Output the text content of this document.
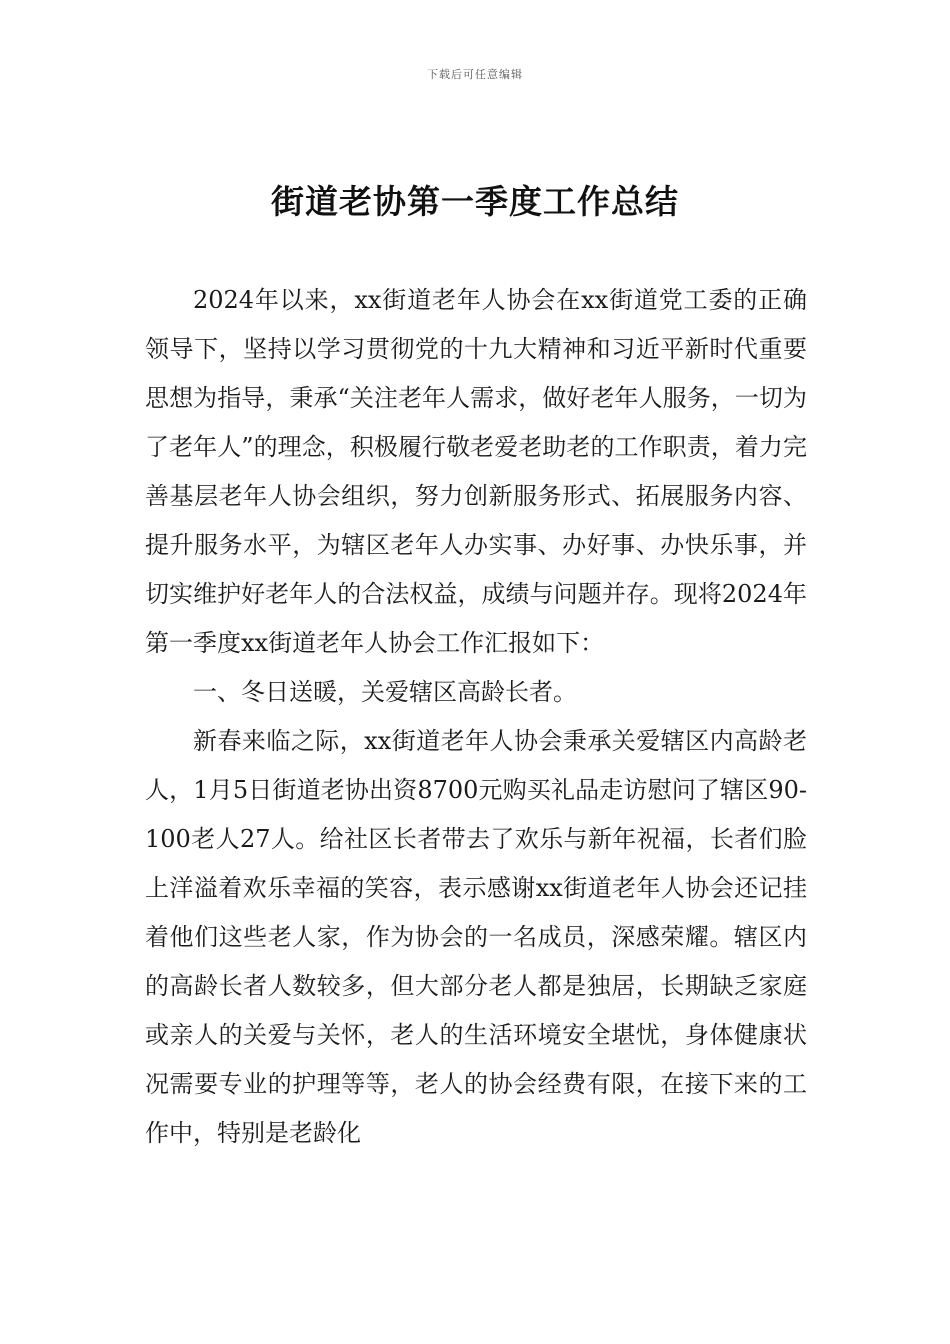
下载后可任意编辑
街道老协第一季度工作总结

2024年以来，xx街道老年人协会在xx街道党工委的正确领导下，坚持以学习贯彻党的十九大精神和习近平新时代重要思想为指导，秉承“关注老年人需求，做好老年人服务，一切为了老年人”的理念，积极履行敬老爱老助老的工作职责，着力完善基层老年人协会组织，努力创新服务形式、拓展服务内容、提升服务水平，为辖区老年人办实事、办好事、办快乐事，并切实维护好老年人的合法权益，成绩与问题并存。现将2024年第一季度xx街道老年人协会工作汇报如下：

一、冬日送暖，关爱辖区高龄长者。

新春来临之际，xx街道老年人协会秉承关爱辖区内高龄老人，1月5日街道老协出资8700元购买礼品走访慰问了辖区90-100老人27人。给社区长者带去了欢乐与新年祝福，长者们脸上洋溢着欢乐幸福的笑容，表示感谢xx街道老年人协会还记挂着他们这些老人家，作为协会的一名成员，深感荣耀。辖区内的高龄长者人数较多，但大部分老人都是独居，长期缺乏家庭或亲人的关爱与关怀，老人的生活环境安全堪忧，身体健康状况需要专业的护理等等，老人的协会经费有限，在接下来的工作中，特别是老龄化
